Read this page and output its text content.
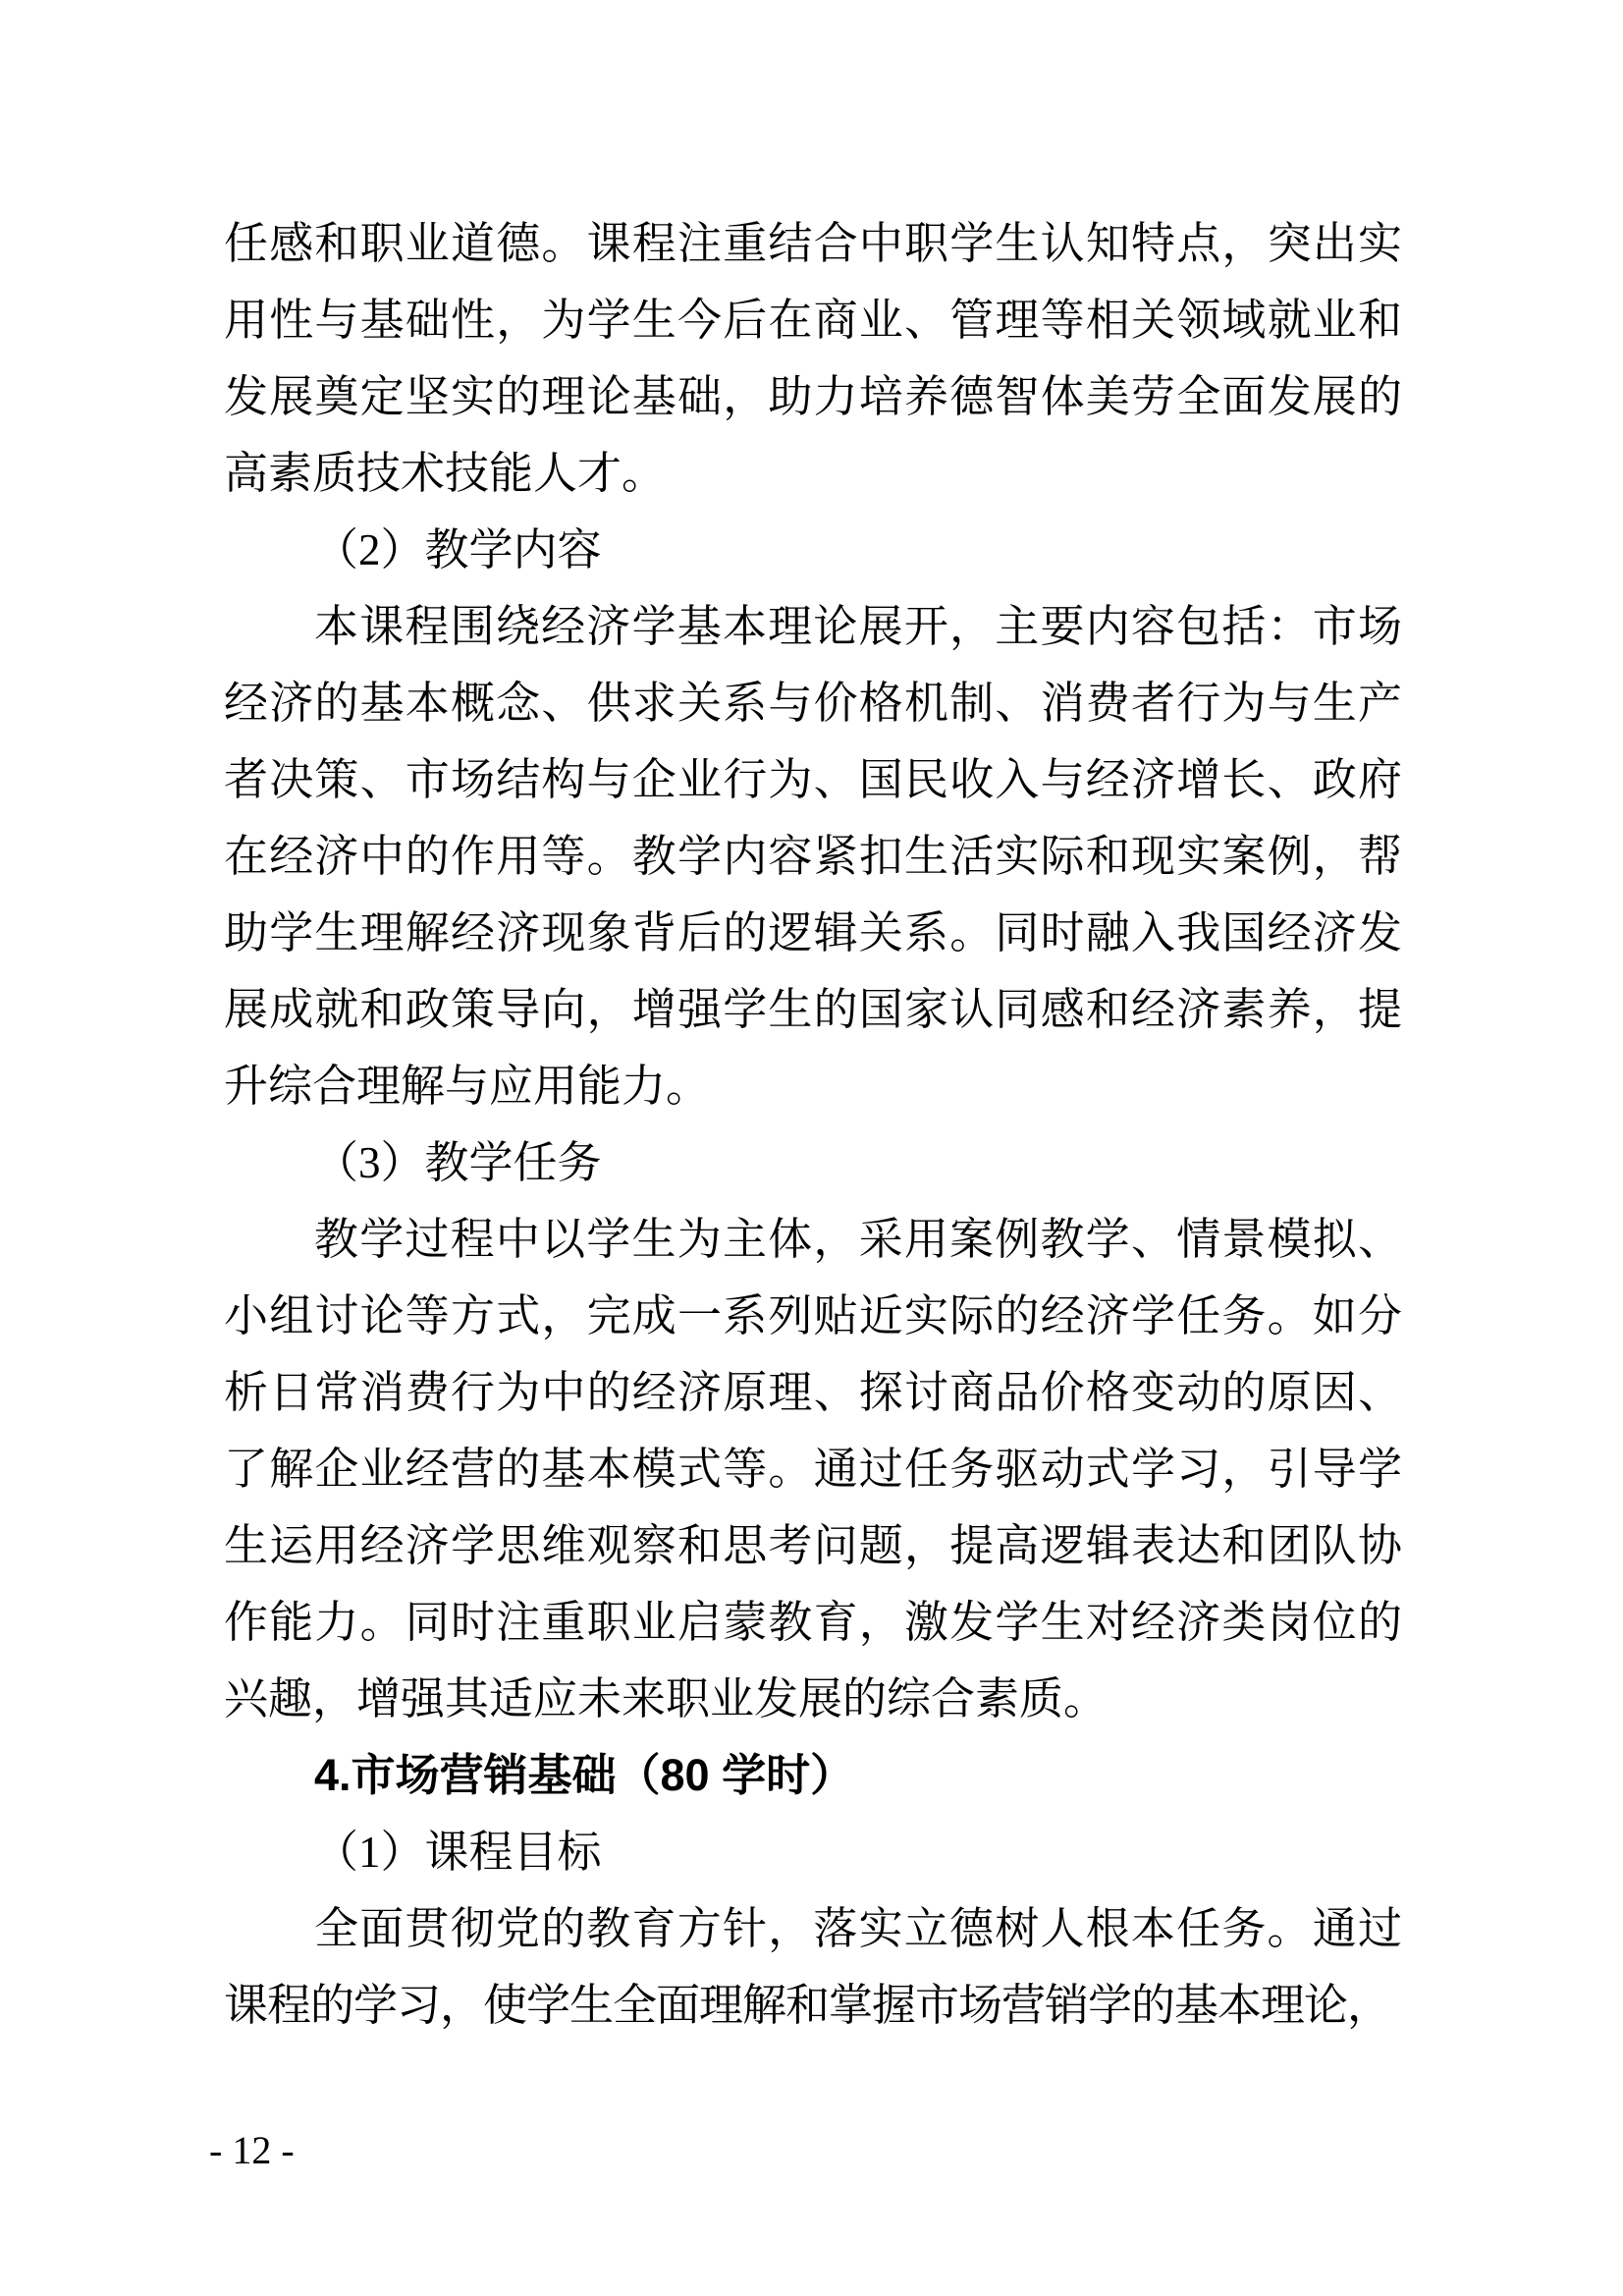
任感和职业道德。课程注重结合中职学生认知特点，突出实
用性与基础性，为学生今后在商业、管理等相关领域就业和
发展奠定坚实的理论基础，助力培养德智体美劳全面发展的
高素质技术技能人才。
（2）教学内容
本课程围绕经济学基本理论展开，主要内容包括：市场
经济的基本概念、供求关系与价格机制、消费者行为与生产
者决策、市场结构与企业行为、国民收入与经济增长、政府
在经济中的作用等。教学内容紧扣生活实际和现实案例，帮
助学生理解经济现象背后的逻辑关系。同时融入我国经济发
展成就和政策导向，增强学生的国家认同感和经济素养，提
升综合理解与应用能力。
（3）教学任务
教学过程中以学生为主体，采用案例教学、情景模拟、
小组讨论等方式，完成一系列贴近实际的经济学任务。如分
析日常消费行为中的经济原理、探讨商品价格变动的原因、
了解企业经营的基本模式等。通过任务驱动式学习，引导学
生运用经济学思维观察和思考问题，提高逻辑表达和团队协
作能力。同时注重职业启蒙教育，激发学生对经济类岗位的
兴趣，增强其适应未来职业发展的综合素质。
4.市场营销基础（80 学时）
（1）课程目标
全面贯彻党的教育方针，落实立德树人根本任务。通过
课程的学习，使学生全面理解和掌握市场营销学的基本理论，
- 12 -
